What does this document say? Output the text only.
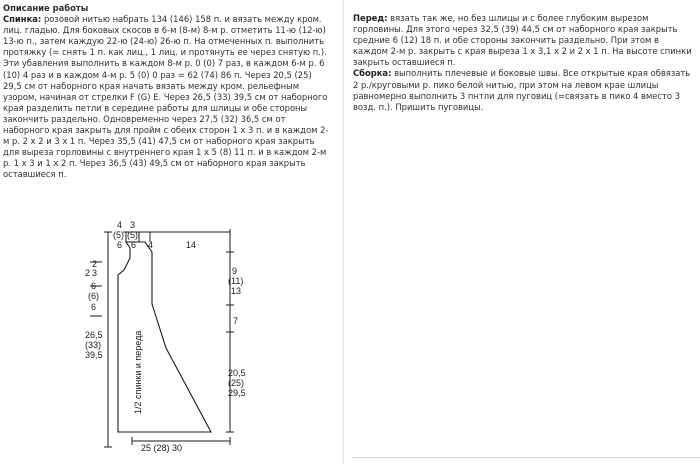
Описание работы

Спинка: розовой нитью набрать 134 (146) 158 п. и вязать между кром. лиц. гладью. Для боковых скосов в 6-м (8-м) 8-м р. отметить 11-ю (12-ю) 13-ю п., затем каждую 22-ю (24-ю) 26-ю п. На отмеченных п. выполнить протяжку (= снять 1 п. как лиц., 1 лиц. и протянуть ее через снятую п.). Эти убавления выполнить в каждом 8-м р. 0 (0) 7 раз, в каждом 6-м р. 6 (10) 4 раз и в каждом 4-м р. 5 (0) 0 раз = 62 (74) 86 п. Через 20,5 (25) 29,5 см от наборного края начать вязать между кром. рельефным узором, начиная от стрелки F (G) E. Через 26,5 (33) 39,5 см от наборного края разделить петли в середине работы для шлицы и обе стороны закончить раздельно. Одновременно через 27,5 (32) 36,5 см от наборного края закрыть для пройм с обеих сторон 1 х 3 п. и в каждом 2-м р. 2 х 2 и 3 х 1 п. Через 35,5 (41) 47,5 см от наборного края закрыть для выреза горловины с внутреннего края 1 х 5 (8) 11 п. и в каждом 2-м р. 1 х 3 и 1 х 2 п. Через 36,5 (43) 49,5 см от наборного края закрыть оставшиеся п.

Перед: вязать так же, но без шлицы и с более глубоким вырезом горловины. Для этого через 32,5 (39) 44,5 см от наборного края закрыть средние 6 (12) 18 п. и обе стороны закончить раздельно. При этом в каждом 2-м р. закрыть с края выреза 1 х 3,1 х 2 и 2 х 1 п. На высоте спинки закрыть оставшиеся п.

Сборка: выполнить плечевые и боковые швы. Все открытые края обвязать 2 р./круговыми р. пико белой нитью, при этом на левом крае шлицы равномерно выполнить 3 пнтли для пуговиц (=связать в пико 4 вместо 3 возд. п.). Пришить пуговицы.

4 3
(5) (5)
6 6 4	14
2
2 3
6
(6)
6
26,5
(33)
39,5
9
(11)
13
7
20,5
(25)
29,5
25 (28) 30
1/2 спинки и переда
